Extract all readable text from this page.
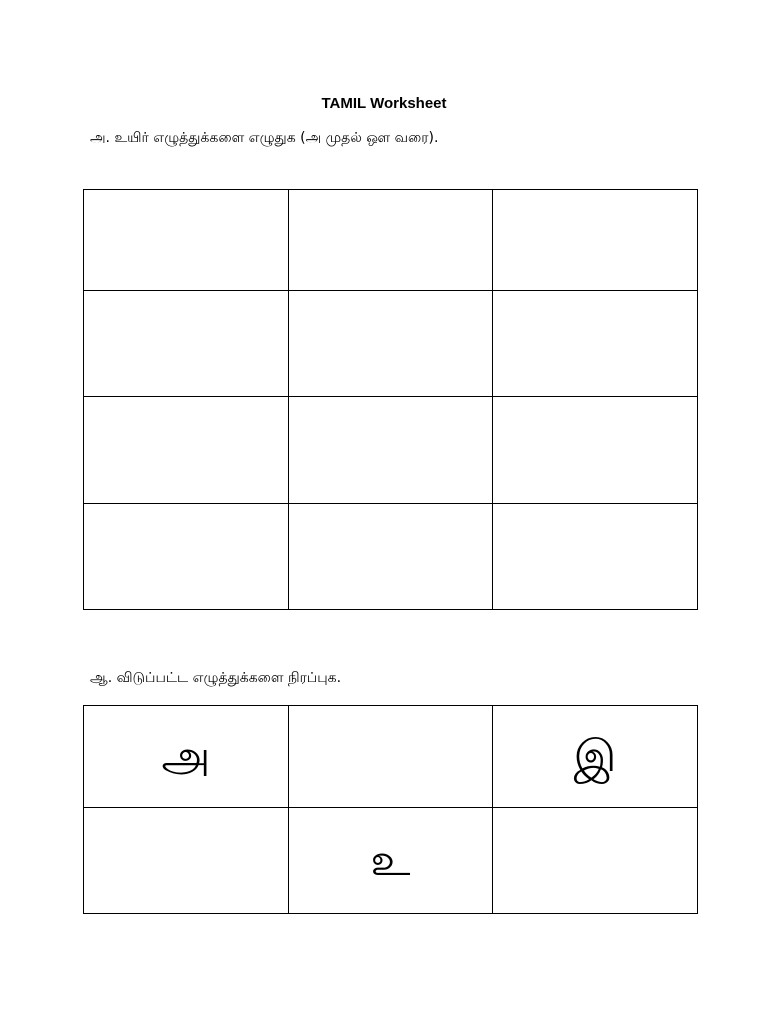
TAMIL Worksheet
அ. உயிர் எழுத்துக்களை எழுதுக (அ முதல் ஔ வரை).

ஆ. விடுப்பட்ட எழுத்துக்களை நிரப்புக.
அ		இ
	உ	
